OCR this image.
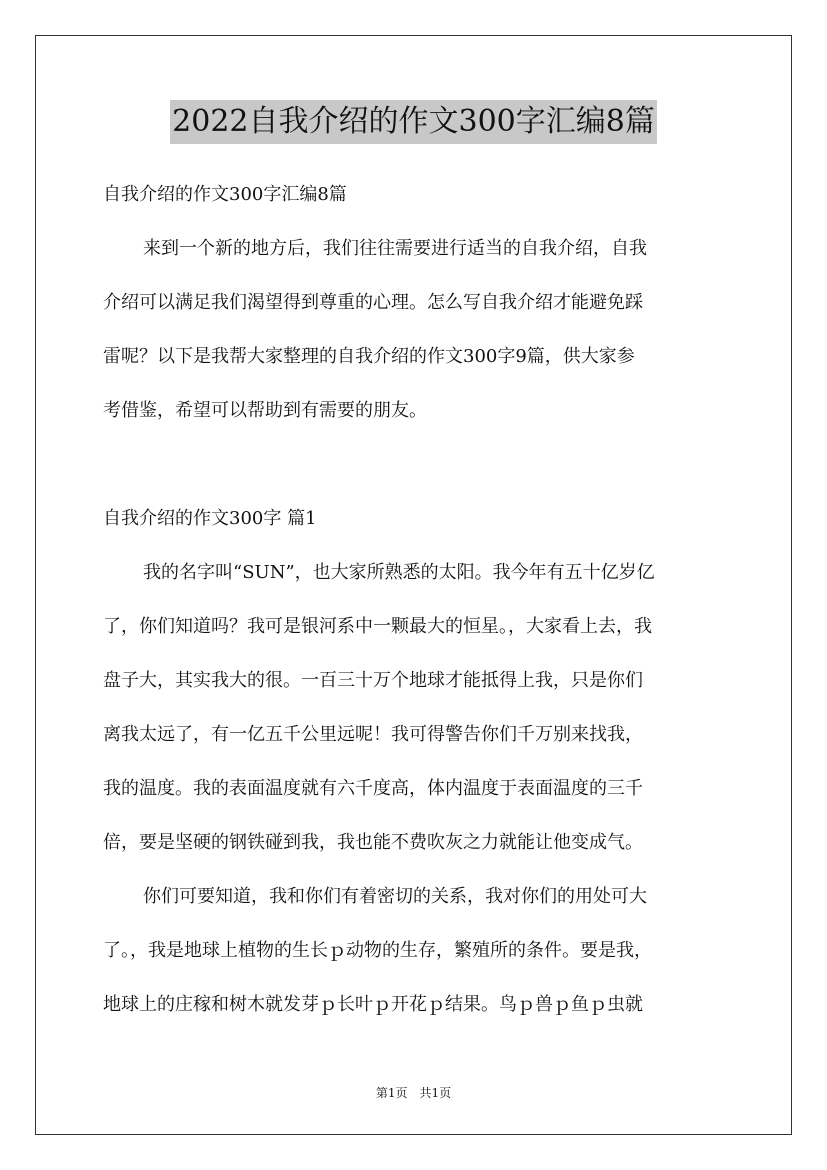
2022自我介绍的作文300字汇编8篇
自我介绍的作文300字汇编8篇
来到一个新的地方后，我们往往需要进行适当的自我介绍，自我
介绍可以满足我们渴望得到尊重的心理。怎么写自我介绍才能避免踩
雷呢？以下是我帮大家整理的自我介绍的作文300字9篇，供大家参
考借鉴，希望可以帮助到有需要的朋友。
自我介绍的作文300字 篇1
我的名字叫“SUN”，也大家所熟悉的太阳。我今年有五十亿岁亿
了，你们知道吗？我可是银河系中一颗最大的恒星。，大家看上去，我
盘子大，其实我大的很。一百三十万个地球才能抵得上我，只是你们
离我太远了，有一亿五千公里远呢！我可得警告你们千万别来找我，
我的温度。我的表面温度就有六千度高，体内温度于表面温度的三千
倍，要是坚硬的钢铁碰到我，我也能不费吹灰之力就能让他变成气。
你们可要知道，我和你们有着密切的关系，我对你们的用处可大
了。，我是地球上植物的生长ｐ动物的生存，繁殖所的条件。要是我，
地球上的庄稼和树木就发芽ｐ长叶ｐ开花ｐ结果。鸟ｐ兽ｐ鱼ｐ虫就
第1页　共1页
